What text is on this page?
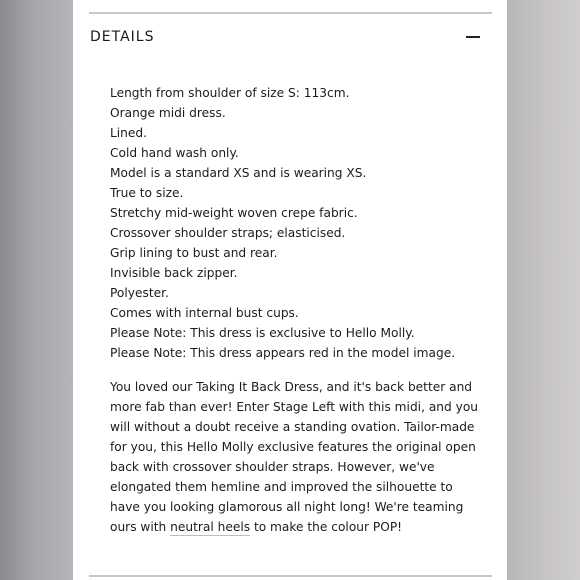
DETAILS
Length from shoulder of size S: 113cm.
Orange midi dress.
Lined.
Cold hand wash only.
Model is a standard XS and is wearing XS.
True to size.
Stretchy mid-weight woven crepe fabric.
Crossover shoulder straps; elasticised.
Grip lining to bust and rear.
Invisible back zipper.
Polyester.
Comes with internal bust cups.
Please Note: This dress is exclusive to Hello Molly.
Please Note: This dress appears red in the model image.

You loved our Taking It Back Dress, and it's back better and more fab than ever! Enter Stage Left with this midi, and you will without a doubt receive a standing ovation. Tailor-made for you, this Hello Molly exclusive features the original open back with crossover shoulder straps. However, we've elongated them hemline and improved the silhouette to have you looking glamorous all night long! We're teaming ours with neutral heels to make the colour POP!
